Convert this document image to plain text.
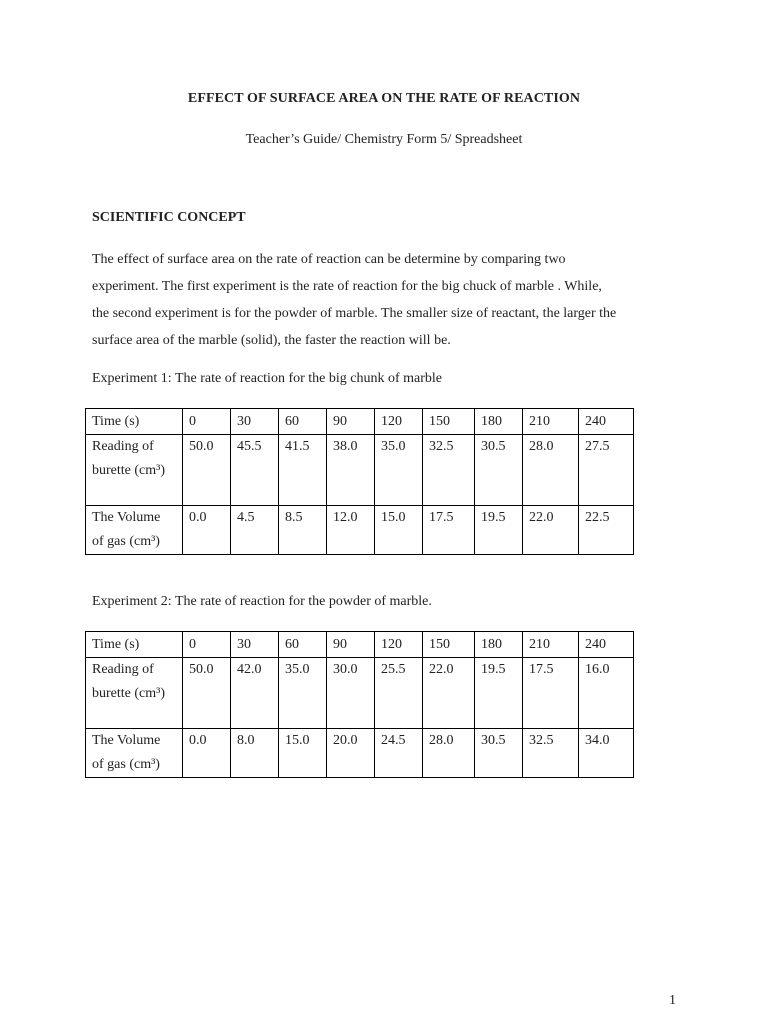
EFFECT OF SURFACE AREA ON THE RATE OF REACTION
Teacher’s Guide/ Chemistry Form 5/ Spreadsheet
SCIENTIFIC CONCEPT
The effect of surface area on the rate of reaction can be determine by comparing two
experiment. The first experiment is the rate of reaction for the big chuck of marble . While,
the second experiment is for the powder of marble. The smaller size of reactant, the larger the
surface area of the marble (solid), the faster the reaction will be.
Experiment 1: The rate of reaction for the big chunk of marble
Time (s)	0	30	60	90	120	150	180	210	240

Reading of
burette (cm³)	50.0	45.5	41.5	38.0	35.0	32.5	30.5	28.0	27.5

The Volume
of gas (cm³)	0.0	4.5	8.5	12.0	15.0	17.5	19.5	22.0	22.5
Experiment 2: The rate of reaction for the powder of marble.
Time (s)	0	30	60	90	120	150	180	210	240

Reading of
burette (cm³)	50.0	42.0	35.0	30.0	25.5	22.0	19.5	17.5	16.0

The Volume
of gas (cm³)	0.0	8.0	15.0	20.0	24.5	28.0	30.5	32.5	34.0
1
